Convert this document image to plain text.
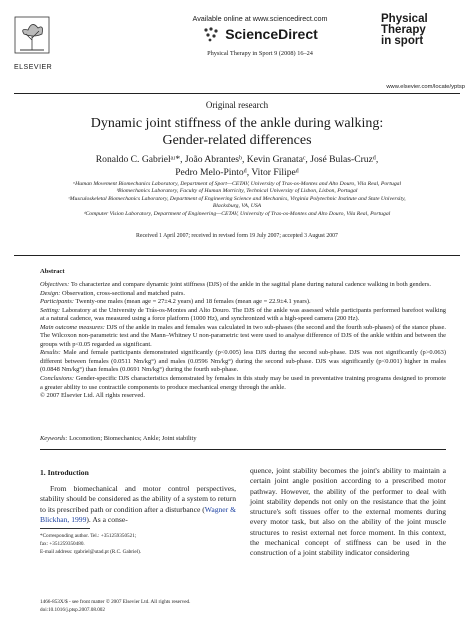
ELSEVIER
Available online at www.sciencedirect.com
ScienceDirect
Physical Therapy in Sport 9 (2008) 16–24
Physical
Therapy
in sport
www.elsevier.com/locate/yptsp
Original research
Dynamic joint stiffness of the ankle during walking:
Gender-related differences
Ronaldo C. Gabrielᵃʴ*, João Abrantesᵇ, Kevin Granataᶜ, José Bulas-Cruzᵈ,
Pedro Melo-Pintoᵈ, Vitor Filipeᵈ
ᵃHuman Movement Biomechanics Laboratory, Department of Sport—CETAV, University of Tras-os-Montes and Alto Douro, Vila Real, Portugal
ᵇBiomechanics Laboratory, Faculty of Human Motricity, Technical University of Lisbon, Lisbon, Portugal
ᶜMusculoskeletal Biomechanics Laboratory, Department of Engineering Science and Mechanics, Virginia Polytechnic Institute and State University,
Blacksburg, VA, USA
ᵈComputer Vision Laboratory, Department of Engineering—CETAV, University of Tras-os-Montes and Alto Douro, Vila Real, Portugal
Received 1 April 2007; received in revised form 19 July 2007; accepted 3 August 2007
Abstract
Objectives: To characterize and compare dynamic joint stiffness (DJS) of the ankle in the sagittal plane during natural cadence walking in both genders.
Design: Observation, cross-sectional and matched pairs.
Participants: Twenty-one males (mean age = 27±4.2 years) and 18 females (mean age = 22.9±4.1 years).
Setting: Laboratory at the University de Trás-os-Montes and Alto Douro. The DJS of the ankle was assessed while participants performed barefoot walking at a natural cadence, was measured using a force platform (1000 Hz), and synchronized with a high-speed camera (200 Hz).
Main outcome measures: DJS of the ankle in males and females was calculated in two sub-phases (the second and the fourth sub-phases) of the stance phase. The Wilcoxon non-parametric test and the Mann–Whitney U non-parametric test were used to analyse difference of DJS of the ankle within and between the groups with p<0.05 regarded as significant.
Results: Male and female participants demonstrated significantly (p<0.005) less DJS during the second sub-phase. DJS was not significantly (p>0.063) different between females (0.0511 Nm/kg°) and males (0.0596 Nm/kg°) during the second sub-phase. DJS was significantly (p<0.001) higher in males (0.0848 Nm/kg°) than females (0.0691 Nm/kg°) during the fourth sub-phase.
Conclusions: Gender-specific DJS characteristics demonstrated by females in this study may be used in preventative training programs designed to promote a greater ability to use contractile components to produce mechanical energy through the ankle.
© 2007 Elsevier Ltd. All rights reserved.
Keywords: Locomotion; Biomechanics; Ankle; Joint stability
1. Introduction
From biomechanical and motor control perspectives, stability should be considered as the ability of a system to return to its prescribed path or condition after a disturbance (Wagner & Blickhan, 1999). As a conse-
quence, joint stability becomes the joint's ability to maintain a certain joint angle position according to a prescribed motor pathway. However, the ability of the performer to deal with joint stability depends not only on the resistance that the joint structure's soft tissues offer to the external moments during every motor task, but also on the ability of the joint muscle structures to resist external net force moment. In this context, the mechanical concept of stiffness can be used in the construction of a joint stability indicator considering
*Corresponding author. Tel.: +351259350521;
fax: +351259350480.
E-mail address: rgabriel@utad.pt (R.C. Gabriel).
1466-853X/$ - see front matter © 2007 Elsevier Ltd. All rights reserved.
doi:10.1016/j.ptsp.2007.08.002
